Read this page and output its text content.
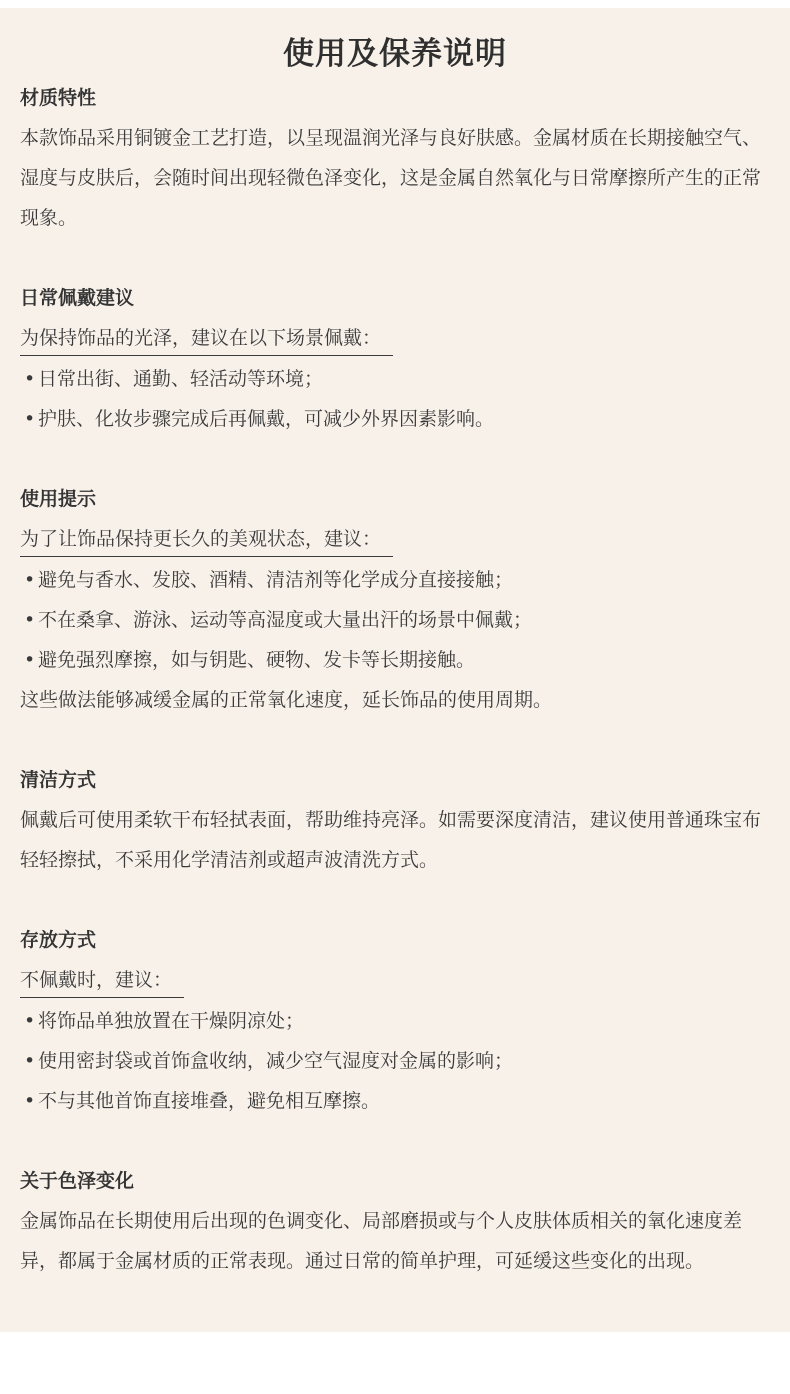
使用及保养说明
材质特性

本款饰品采用铜镀金工艺打造，以呈现温润光泽与良好肤感。金属材质在长期接触空气、湿度与皮肤后，会随时间出现轻微色泽变化，这是金属自然氧化与日常摩擦所产生的正常现象。

日常佩戴建议
为保持饰品的光泽，建议在以下场景佩戴：
• 日常出街、通勤、轻活动等环境；
• 护肤、化妆步骤完成后再佩戴，可减少外界因素影响。
使用提示
为了让饰品保持更长久的美观状态，建议：
• 避免与香水、发胶、酒精、清洁剂等化学成分直接接触；
• 不在桑拿、游泳、运动等高湿度或大量出汗的场景中佩戴；
• 避免强烈摩擦，如与钥匙、硬物、发卡等长期接触。

这些做法能够减缓金属的正常氧化速度，延长饰品的使用周期。

清洁方式

佩戴后可使用柔软干布轻拭表面，帮助维持亮泽。如需要深度清洁，建议使用普通珠宝布轻轻擦拭，不采用化学清洁剂或超声波清洗方式。

存放方式
不佩戴时，建议：
• 将饰品单独放置在干燥阴凉处；
• 使用密封袋或首饰盒收纳，减少空气湿度对金属的影响；
• 不与其他首饰直接堆叠，避免相互摩擦。
关于色泽变化

金属饰品在长期使用后出现的色调变化、局部磨损或与个人皮肤体质相关的氧化速度差异，都属于金属材质的正常表现。通过日常的简单护理，可延缓这些变化的出现。
